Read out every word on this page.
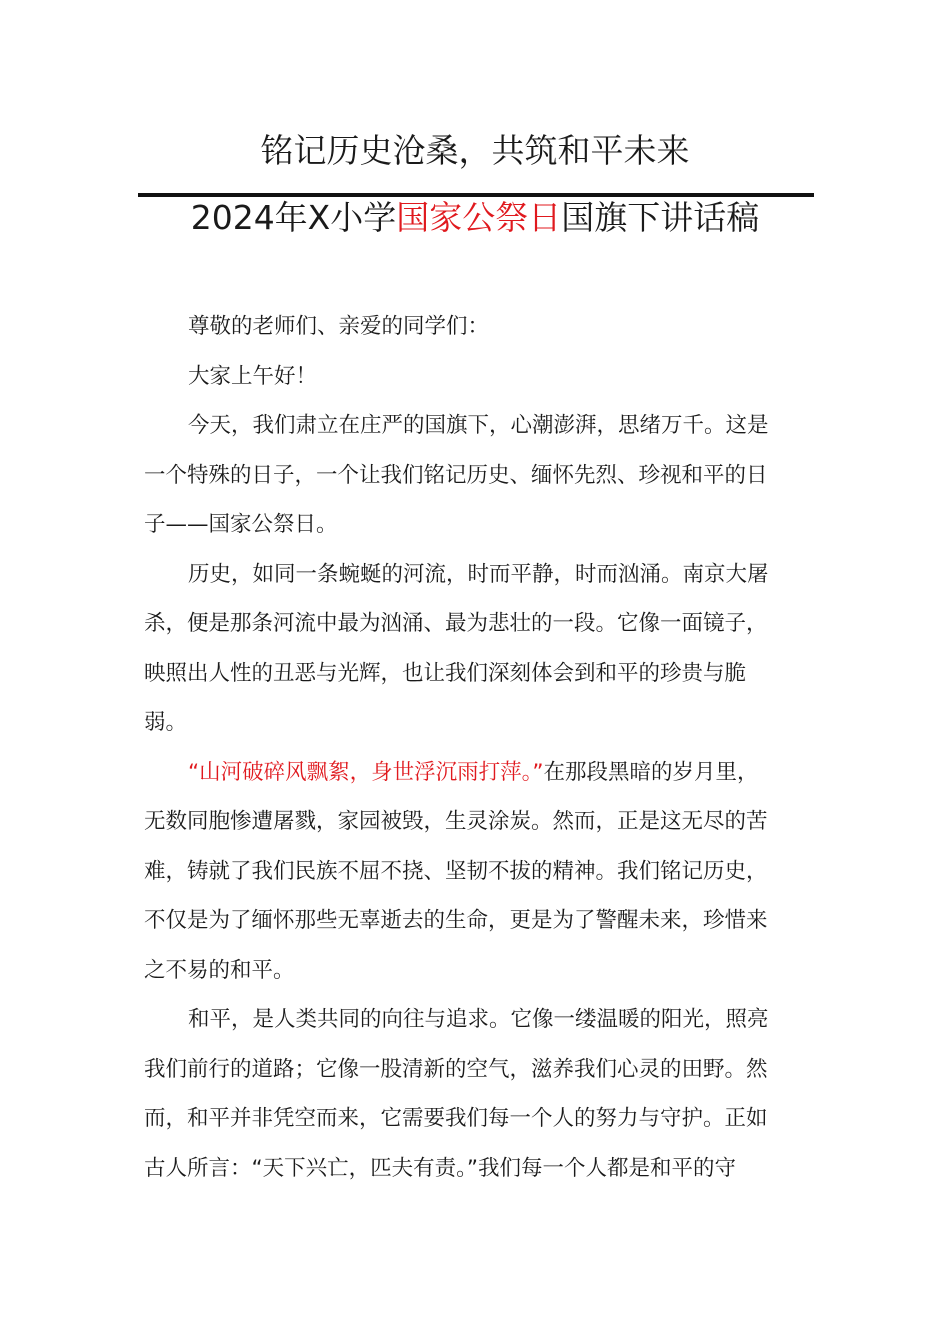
铭记历史沧桑，共筑和平未来
2024年X小学国家公祭日国旗下讲话稿
尊敬的老师们、亲爱的同学们：
大家上午好！
今天，我们肃立在庄严的国旗下，心潮澎湃，思绪万千。这是
一个特殊的日子，一个让我们铭记历史、缅怀先烈、珍视和平的日
子——国家公祭日。
历史，如同一条蜿蜒的河流，时而平静，时而汹涌。南京大屠
杀，便是那条河流中最为汹涌、最为悲壮的一段。它像一面镜子，
映照出人性的丑恶与光辉，也让我们深刻体会到和平的珍贵与脆
弱。
“山河破碎风飘絮，身世浮沉雨打萍。”在那段黑暗的岁月里，
无数同胞惨遭屠戮，家园被毁，生灵涂炭。然而，正是这无尽的苦
难，铸就了我们民族不屈不挠、坚韧不拔的精神。我们铭记历史，
不仅是为了缅怀那些无辜逝去的生命，更是为了警醒未来，珍惜来
之不易的和平。
和平，是人类共同的向往与追求。它像一缕温暖的阳光，照亮
我们前行的道路；它像一股清新的空气，滋养我们心灵的田野。然
而，和平并非凭空而来，它需要我们每一个人的努力与守护。正如
古人所言：“天下兴亡，匹夫有责。”我们每一个人都是和平的守
